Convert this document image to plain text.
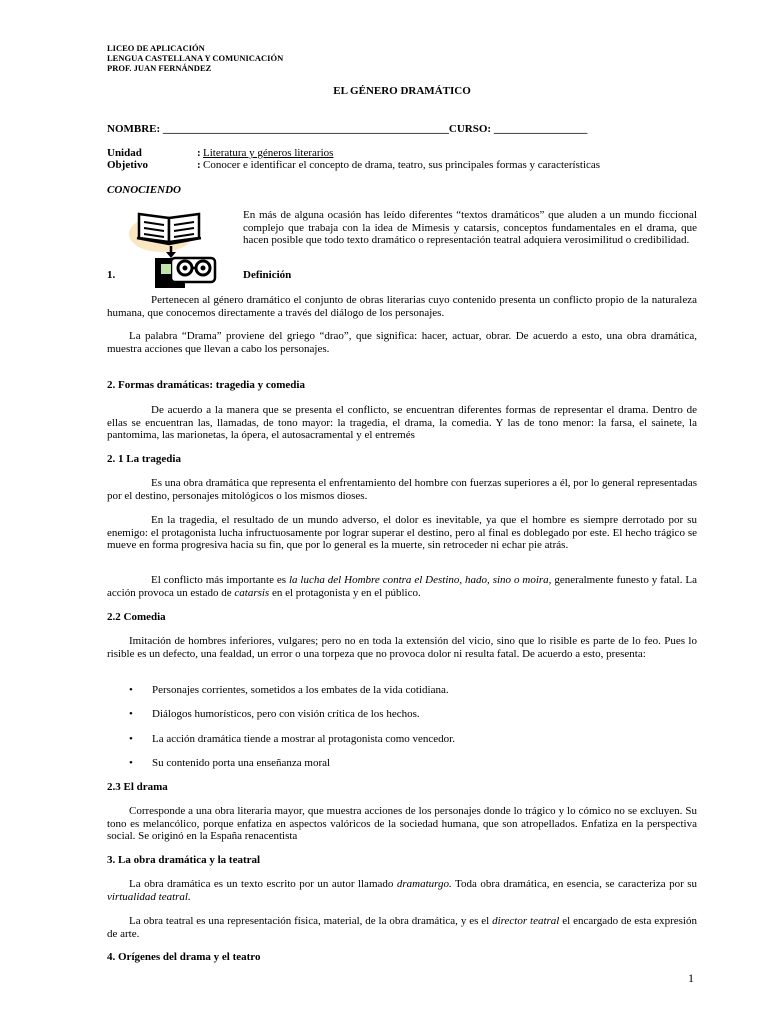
LICEO DE APLICACIÓN
LENGUA CASTELLANA Y COMUNICACIÓN
PROF. JUAN FERNÁNDEZ
EL GÉNERO DRAMÁTICO
NOMBRE: ____________________________________________________CURSO: _________________
Unidad	: Literatura y géneros literarios
Objetivo	: Conocer e identificar el concepto de drama, teatro, sus principales formas y características
CONOCIENDO

En más de alguna ocasión has leído diferentes “textos dramáticos” que aluden a un mundo ficcional complejo que trabaja con la idea de Mimesis y catarsis, conceptos fundamentales en el drama, que hacen posible que todo texto dramático o representación teatral adquiera verosimilitud o credibilidad.

1.	Definición

Pertenecen al género dramático el conjunto de obras literarias cuyo contenido presenta un conflicto propio de la naturaleza humana, que conocemos directamente a través del diálogo de los personajes.

La palabra “Drama” proviene del griego “drao”, que significa: hacer, actuar, obrar. De acuerdo a esto, una obra dramática, muestra acciones que llevan a cabo los personajes.

2. Formas dramáticas: tragedia y comedia

De acuerdo a la manera que se presenta el conflicto, se encuentran diferentes formas de representar el drama. Dentro de ellas se encuentran las, llamadas, de tono mayor: la tragedia, el drama, la comedia. Y las de tono menor: la farsa, el sainete, la pantomima, las marionetas, la ópera, el autosacramental y el entremés

2. 1 La tragedia

Es una obra dramática que representa el enfrentamiento del hombre con fuerzas superiores a él, por lo general representadas por el destino, personajes mitológicos o los mismos dioses.

En la tragedia, el resultado de un mundo adverso, el dolor es inevitable, ya que el hombre es siempre derrotado por su enemigo: el protagonista lucha infructuosamente por lograr superar el destino, pero al final es doblegado por este. El hecho trágico se mueve en forma progresiva hacia su fin, que por lo general es la muerte, sin retroceder ni echar pie atrás.

El conflicto más importante es la lucha del Hombre contra el Destino, hado, sino o moira, generalmente funesto y fatal. La acción provoca un estado de catarsis en el protagonista y en el público.

2.2 Comedia

Imitación de hombres inferiores, vulgares; pero no en toda la extensión del vicio, sino que lo risible es parte de lo feo. Pues lo risible es un defecto, una fealdad, un error o una torpeza que no provoca dolor ni resulta fatal. De acuerdo a esto, presenta:

• Personajes corrientes, sometidos a los embates de la vida cotidiana.
• Diálogos humorísticos, pero con visión crítica de los hechos.
• La acción dramática tiende a mostrar al protagonista como vencedor.
• Su contenido porta una enseñanza moral
2.3 El drama

Corresponde a una obra literaria mayor, que muestra acciones de los personajes donde lo trágico y lo cómico no se excluyen. Su tono es melancólico, porque enfatiza en aspectos valóricos de la sociedad humana, que son atropellados. Enfatiza en la perspectiva social. Se originó en la España renacentista

3. La obra dramática y la teatral

La obra dramática es un texto escrito por un autor llamado dramaturgo. Toda obra dramática, en esencia, se caracteriza por su virtualidad teatral.

La obra teatral es una representación física, material, de la obra dramática, y es el director teatral el encargado de esta expresión de arte.

4. Orígenes del drama y el teatro
1
